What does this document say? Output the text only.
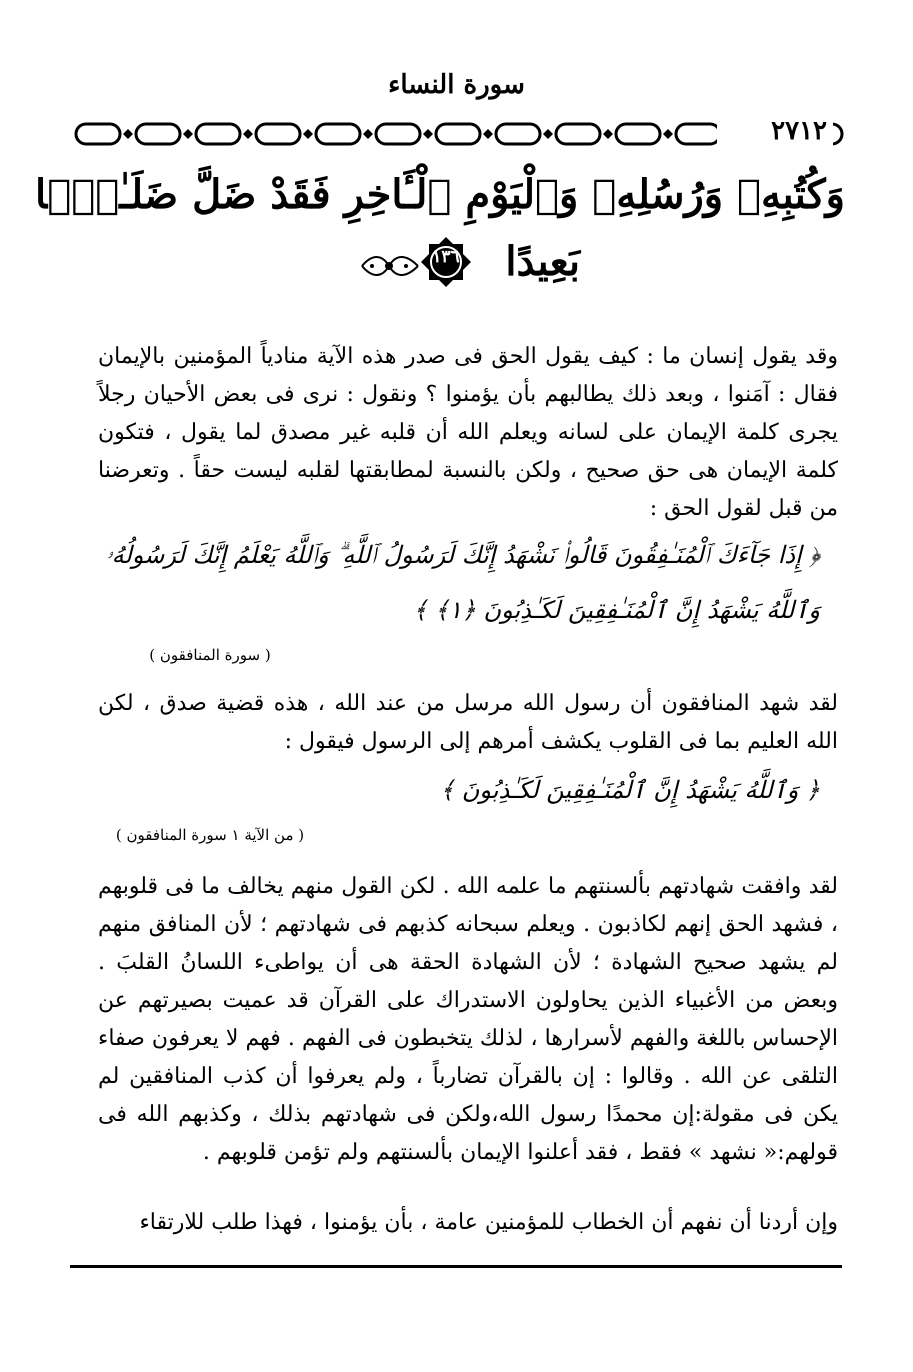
سورة النساء
٢٧١٢
وَكُتُبِهِۦ وَرُسُلِهِۦ وَٱلْيَوْمِ ٱلْـَٔاخِرِ فَقَدْ ضَلَّ ضَلَـٰلًۢا
بَعِيدًا
١٣٦
وقد يقول إنسان ما : كيف يقول الحق فى صدر هذه الآية منادياً المؤمنين بالإيمان فقال : آمَنوا ، وبعد ذلك يطالبهم بأن يؤمنوا ؟ ونقول : نرى فى بعض الأحيان رجلاً يجرى كلمة الإيمان على لسانه ويعلم الله أن قلبه غير مصدق لما يقول ، فتكون كلمة الإيمان هى حق صحيح ، ولكن بالنسبة لمطابقتها لقلبه ليست حقاً . وتعرضنا من قبل لقول الحق :
﴿ إِذَا جَآءَكَ ٱلْمُنَـٰفِقُونَ قَالُوا۟ نَشْهَدُ إِنَّكَ لَرَسُولُ ٱللَّهِ ۗ وَٱللَّهُ يَعْلَمُ إِنَّكَ لَرَسُولُهُۥ
وَٱللَّهُ يَشْهَدُ إِنَّ ٱلْمُنَـٰفِقِينَ لَكَـٰذِبُونَ ﴿١﴾ ﴾
( سورة المنافقون )
لقد شهد المنافقون أن رسول الله مرسل من عند الله ، هذه قضية صدق ، لكن الله العليم بما فى القلوب يكشف أمرهم إلى الرسول فيقول :
﴿ وَٱللَّهُ يَشْهَدُ إِنَّ ٱلْمُنَـٰفِقِينَ لَكَـٰذِبُونَ ﴾
( من الآية ١ سورة المنافقون )
لقد وافقت شهادتهم بألسنتهم ما علمه الله . لكن القول منهم يخالف ما فى قلوبهم ، فشهد الحق إنهم لكاذبون . ويعلم سبحانه كذبهم فى شهادتهم ؛ لأن المنافق منهم لم يشهد صحيح الشهادة ؛ لأن الشهادة الحقة هى أن يواطىء اللسانُ القلبَ . وبعض من الأغبياء الذين يحاولون الاستدراك على القرآن قد عميت بصيرتهم عن الإحساس باللغة والفهم لأسرارها ، لذلك يتخبطون فى الفهم . فهم لا يعرفون صفاء التلقى عن الله . وقالوا : إن بالقرآن تضارباً ، ولم يعرفوا أن كذب المنافقين لم يكن فى مقولة:إن محمدًا رسول الله،ولكن فى شهادتهم بذلك ، وكذبهم الله فى قولهم:« نشهد » فقط ، فقد أعلنوا الإيمان بألسنتهم ولم تؤمن قلوبهم .
وإن أردنا أن نفهم أن الخطاب للمؤمنين عامة ، بأن يؤمنوا ، فهذا طلب للارتقاء
